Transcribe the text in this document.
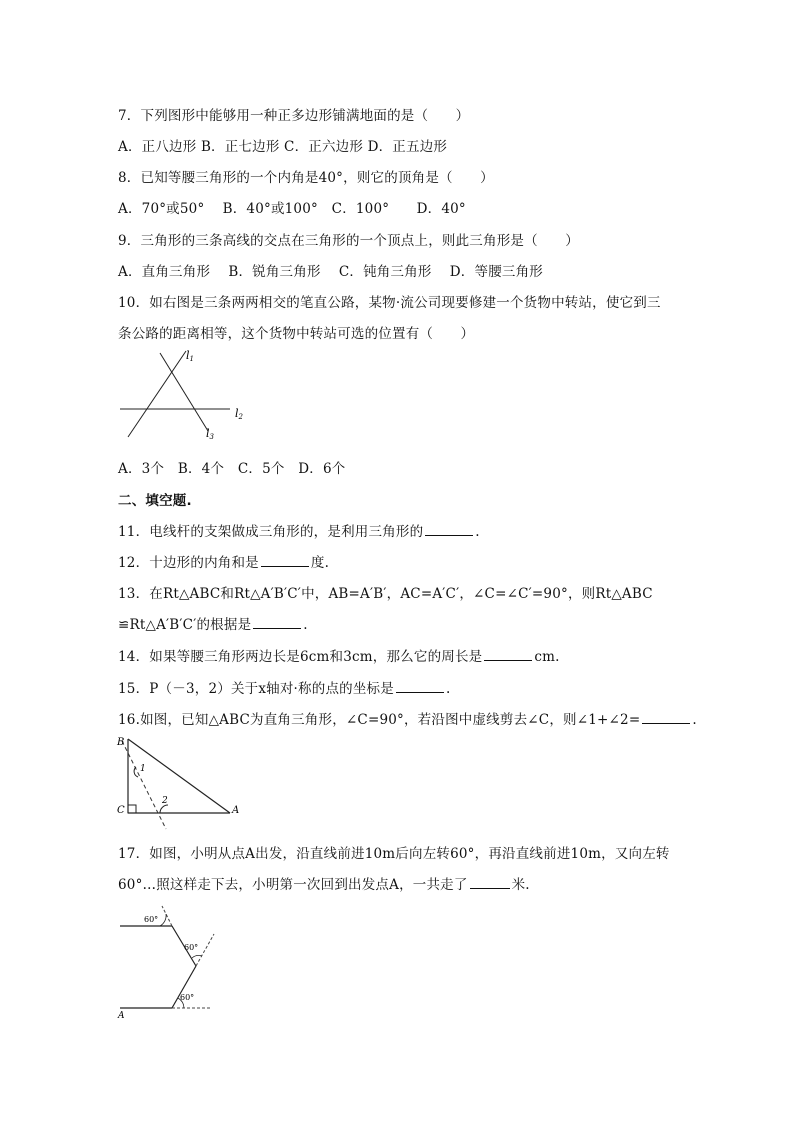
7．下列图形中能够用一种正多边形铺满地面的是（　　）
A．正八边形 B．正七边形 C．正六边形 D．正五边形
8．已知等腰三角形的一个内角是40°，则它的顶角是（　　）
A．70°或50°　 B．40°或100°　C．100°　　D．40°
9．三角形的三条高线的交点在三角形的一个顶点上，则此三角形是（　　）
A．直角三角形　 B．锐角三角形　 C．钝角三角形　 D．等腰三角形
10．如右图是三条两两相交的笔直公路，某物·流公司现要修建一个货物中转站，使它到三
条公路的距离相等，这个货物中转站可选的位置有（　　）
l1
l2
l3
A．3个　B．4个　C．5个　D．6个
二、填空题.
11．电线杆的支架做成三角形的，是利用三角形的	.
12．十边形的内角和是	度.
13．在Rt△ABC和Rt△A′B′C′中，AB=A′B′，AC=A′C′，∠C=∠C′=90°，则Rt△ABC
≌Rt△A′B′C′的根据是	.
14．如果等腰三角形两边长是6cm和3cm，那么它的周长是	cm.
15．P（－3，2）关于x轴对·称的点的坐标是	.
16.如图，已知△ABC为直角三角形，∠C=90°，若沿图中虚线剪去∠C，则∠1+∠2=	.
B
C	A
1
2
17．如图，小明从点A出发，沿直线前进10m后向左转60°，再沿直线前进10m，又向左转
60°…照这样走下去，小明第一次回到出发点A，一共走了	米.
60°
60°
60°
A
